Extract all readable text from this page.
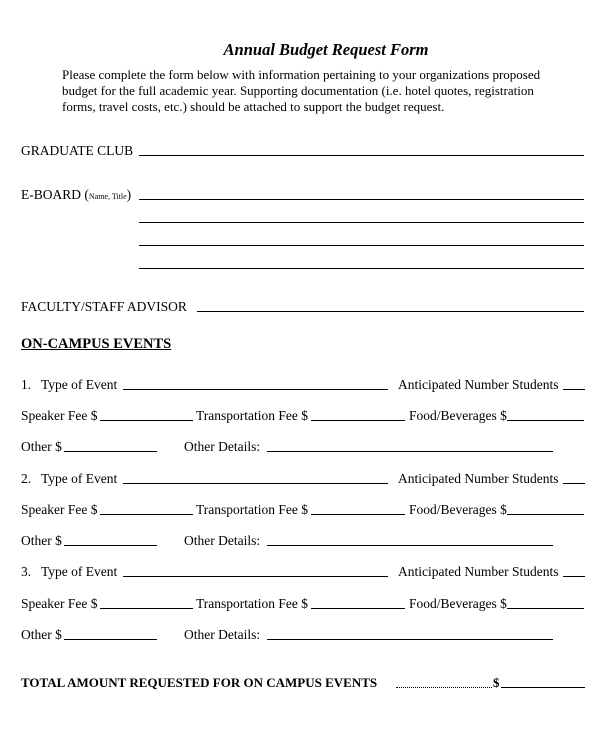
Annual Budget Request Form
Please complete the form below with information pertaining to your organizations proposed
budget for the full academic year. Supporting documentation (i.e. hotel quotes, registration
forms, travel costs, etc.) should be attached to support the budget request.
GRADUATE CLUB
E-BOARD (Name, Title)
FACULTY/STAFF ADVISOR
ON-CAMPUS EVENTS
1. Type of Event	Anticipated Number Students
Speaker Fee $	Transportation Fee $	Food/Beverages $
Other $	Other Details:
2. Type of Event	Anticipated Number Students
Speaker Fee $	Transportation Fee $	Food/Beverages $
Other $	Other Details:
3. Type of Event	Anticipated Number Students
Speaker Fee $	Transportation Fee $	Food/Beverages $
Other $	Other Details:
TOTAL AMOUNT REQUESTED FOR ON CAMPUS EVENTS	$
